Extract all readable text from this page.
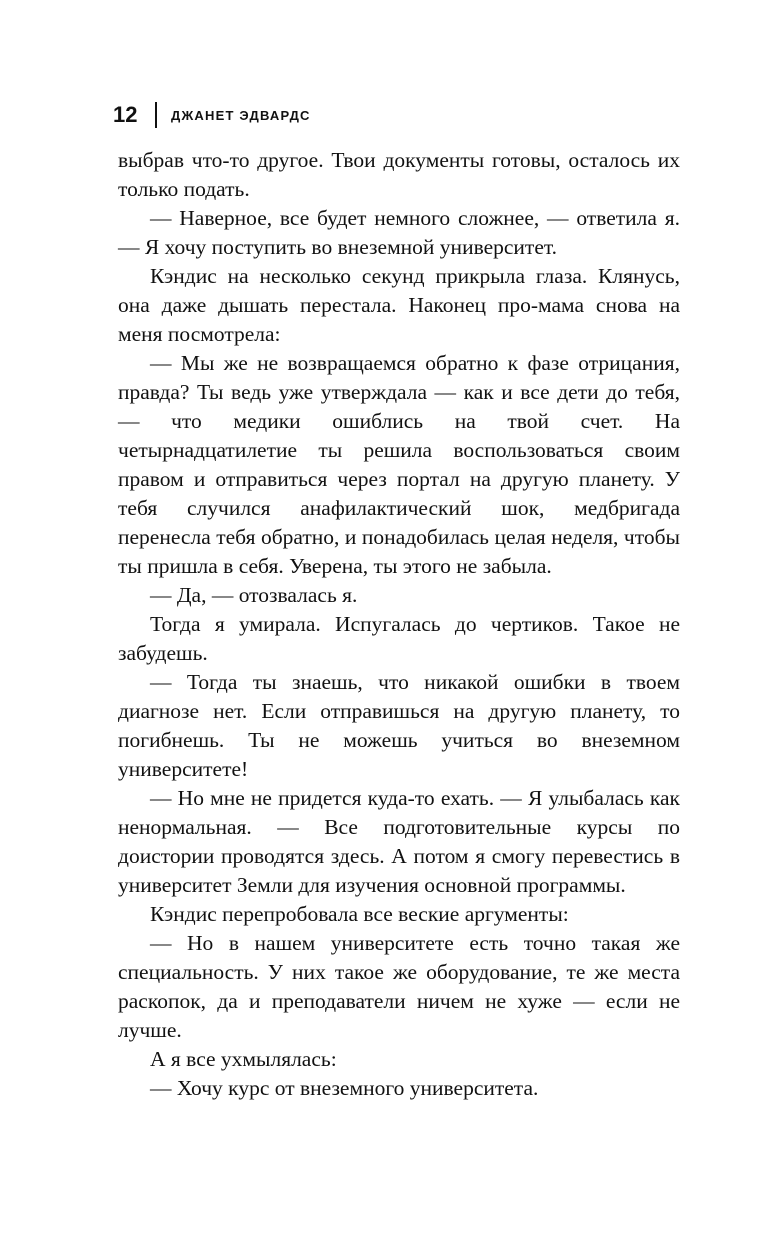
12	ДЖАНЕТ ЭДВАРДС

выбрав что-то другое. Твои документы готовы, осталось их только подать.

— Наверное, все будет немного сложнее, — ответила я. — Я хочу поступить во внеземной университет.

Кэндис на несколько секунд прикрыла глаза. Клянусь, она даже дышать перестала. Наконец про-мама снова на меня посмотрела:

— Мы же не возвращаемся обратно к фазе отрицания, правда? Ты ведь уже утверждала — как и все дети до тебя, — что медики ошиблись на твой счет. На четырнадцатилетие ты решила воспользоваться своим правом и отправиться через портал на другую планету. У тебя случился анафилактический шок, медбригада перенесла тебя обратно, и понадобилась целая неделя, чтобы ты пришла в себя. Уверена, ты этого не забыла.

— Да, — отозвалась я.

Тогда я умирала. Испугалась до чертиков. Такое не забудешь.

— Тогда ты знаешь, что никакой ошибки в твоем диагнозе нет. Если отправишься на другую планету, то погибнешь. Ты не можешь учиться во внеземном университете!

— Но мне не придется куда-то ехать. — Я улыбалась как ненормальная. — Все подготовительные курсы по доистории проводятся здесь. А потом я смогу перевестись в университет Земли для изучения основной программы.

Кэндис перепробовала все веские аргументы:

— Но в нашем университете есть точно такая же специальность. У них такое же оборудование, те же места раскопок, да и преподаватели ничем не хуже — если не лучше.

А я все ухмылялась:

— Хочу курс от внеземного университета.
